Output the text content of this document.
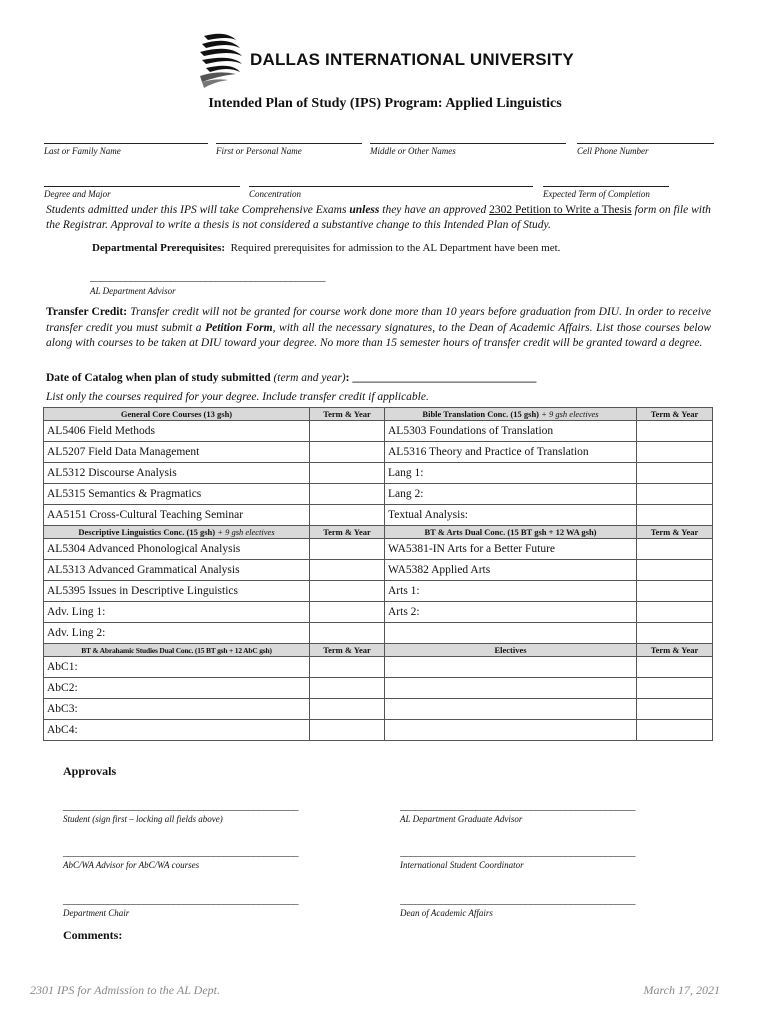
DALLAS INTERNATIONAL UNIVERSITY
Intended Plan of Study (IPS) Program: Applied Linguistics
Last or Family Name	First or Personal Name	Middle or Other Names	Cell Phone Number
Degree and Major	Concentration	Expected Term of Completion
Students admitted under this IPS will take Comprehensive Exams unless they have an approved 2302 Petition to Write a Thesis form on file with the Registrar. Approval to write a thesis is not considered a substantive change to this Intended Plan of Study.
Departmental Prerequisites: Required prerequisites for admission to the AL Department have been met.
_______________________________________________
AL Department Advisor
Transfer Credit: Transfer credit will not be granted for course work done more than 10 years before graduation from DIU. In order to receive transfer credit you must submit a Petition Form, with all the necessary signatures, to the Dean of Academic Affairs. List those courses below along with courses to be taken at DIU toward your degree. No more than 15 semester hours of transfer credit will be granted toward a degree.
Date of Catalog when plan of study submitted (term and year): ________________________________
List only the courses required for your degree. Include transfer credit if applicable.
General Core Courses (13 gsh)	Term & Year	Bible Translation Conc. (15 gsh) + 9 gsh electives	Term & Year
AL5406 Field Methods		AL5303 Foundations of Translation	
AL5207 Field Data Management		AL5316 Theory and Practice of Translation	
AL5312 Discourse Analysis		Lang 1:	
AL5315 Semantics & Pragmatics		Lang 2:	
AA5151 Cross-Cultural Teaching Seminar		Textual Analysis:	
Descriptive Linguistics Conc. (15 gsh) + 9 gsh electives	Term & Year	BT & Arts Dual Conc. (15 BT gsh + 12 WA gsh)	Term & Year
AL5304 Advanced Phonological Analysis		WA5381-IN Arts for a Better Future	
AL5313 Advanced Grammatical Analysis		WA5382 Applied Arts	
AL5395 Issues in Descriptive Linguistics		Arts 1:	
Adv. Ling 1:		Arts 2:	
Adv. Ling 2:			
BT & Abrahamic Studies Dual Conc. (15 BT gsh + 12 AbC gsh)	Term & Year	Electives	Term & Year
AbC1:			
AbC2:			
AbC3:			
AbC4:			
Approvals
_______________________________________________
Student (sign first – locking all fields above)
_______________________________________________
AL Department Graduate Advisor
_______________________________________________
AbC/WA Advisor for AbC/WA courses
_______________________________________________
International Student Coordinator
_______________________________________________
Department Chair
_______________________________________________
Dean of Academic Affairs
Comments:
2301 IPS for Admission to the AL Dept.	March 17, 2021
